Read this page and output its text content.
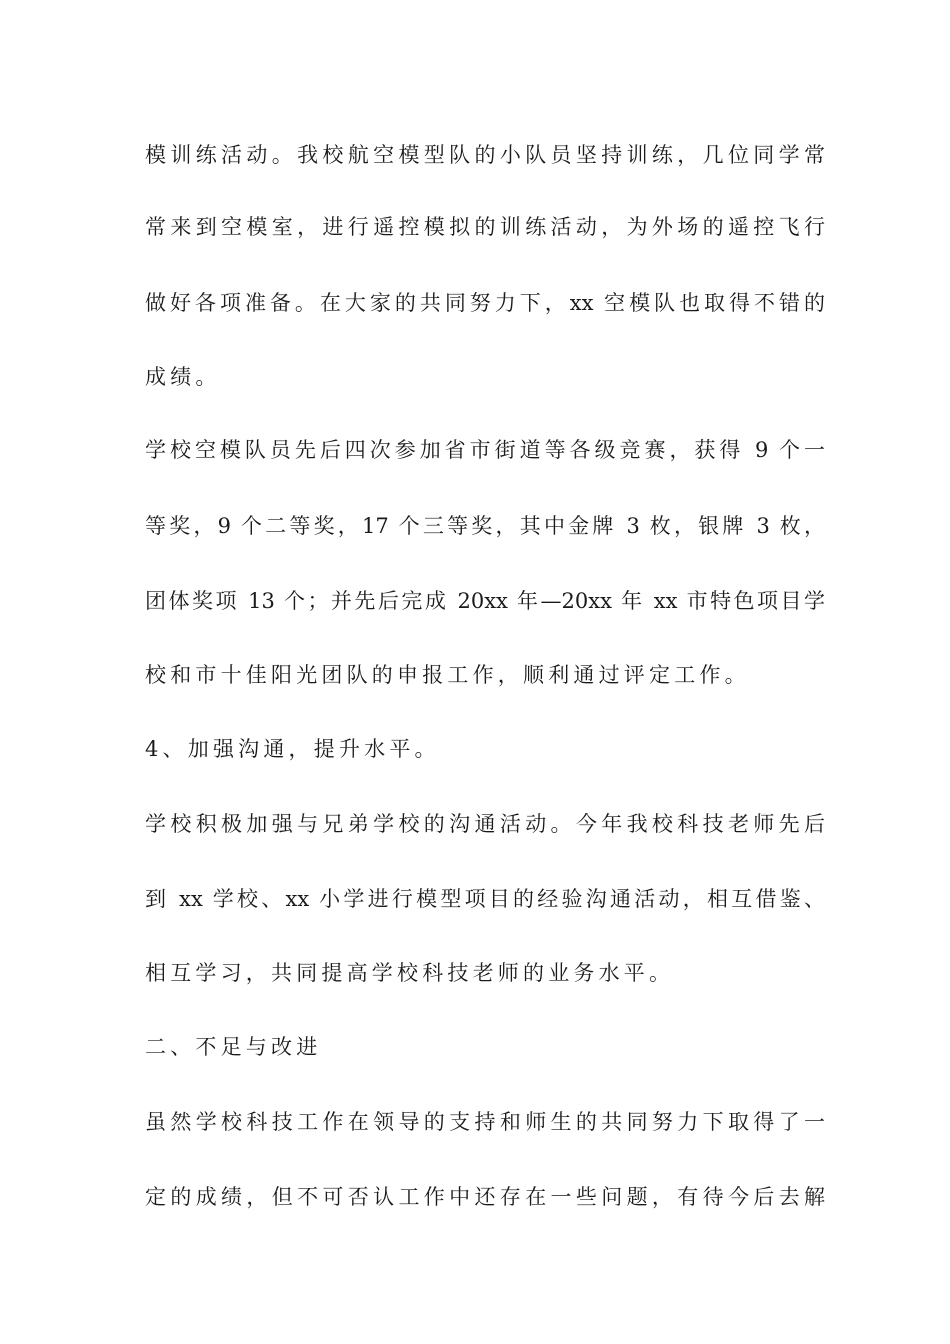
模训练活动。我校航空模型队的小队员坚持训练，几位同学常
常来到空模室，进行遥控模拟的训练活动，为外场的遥控飞行
做好各项准备。在大家的共同努力下，xx 空模队也取得不错的
成绩。
学校空模队员先后四次参加省市街道等各级竞赛，获得 9 个一
等奖，9 个二等奖，17 个三等奖，其中金牌 3 枚，银牌 3 枚，
团体奖项 13 个；并先后完成 20xx 年—20xx 年 xx 市特色项目学
校和市十佳阳光团队的申报工作，顺利通过评定工作。
4、加强沟通，提升水平。
学校积极加强与兄弟学校的沟通活动。今年我校科技老师先后
到 xx 学校、xx 小学进行模型项目的经验沟通活动，相互借鉴、
相互学习，共同提高学校科技老师的业务水平。
二、不足与改进
虽然学校科技工作在领导的支持和师生的共同努力下取得了一
定的成绩，但不可否认工作中还存在一些问题，有待今后去解
